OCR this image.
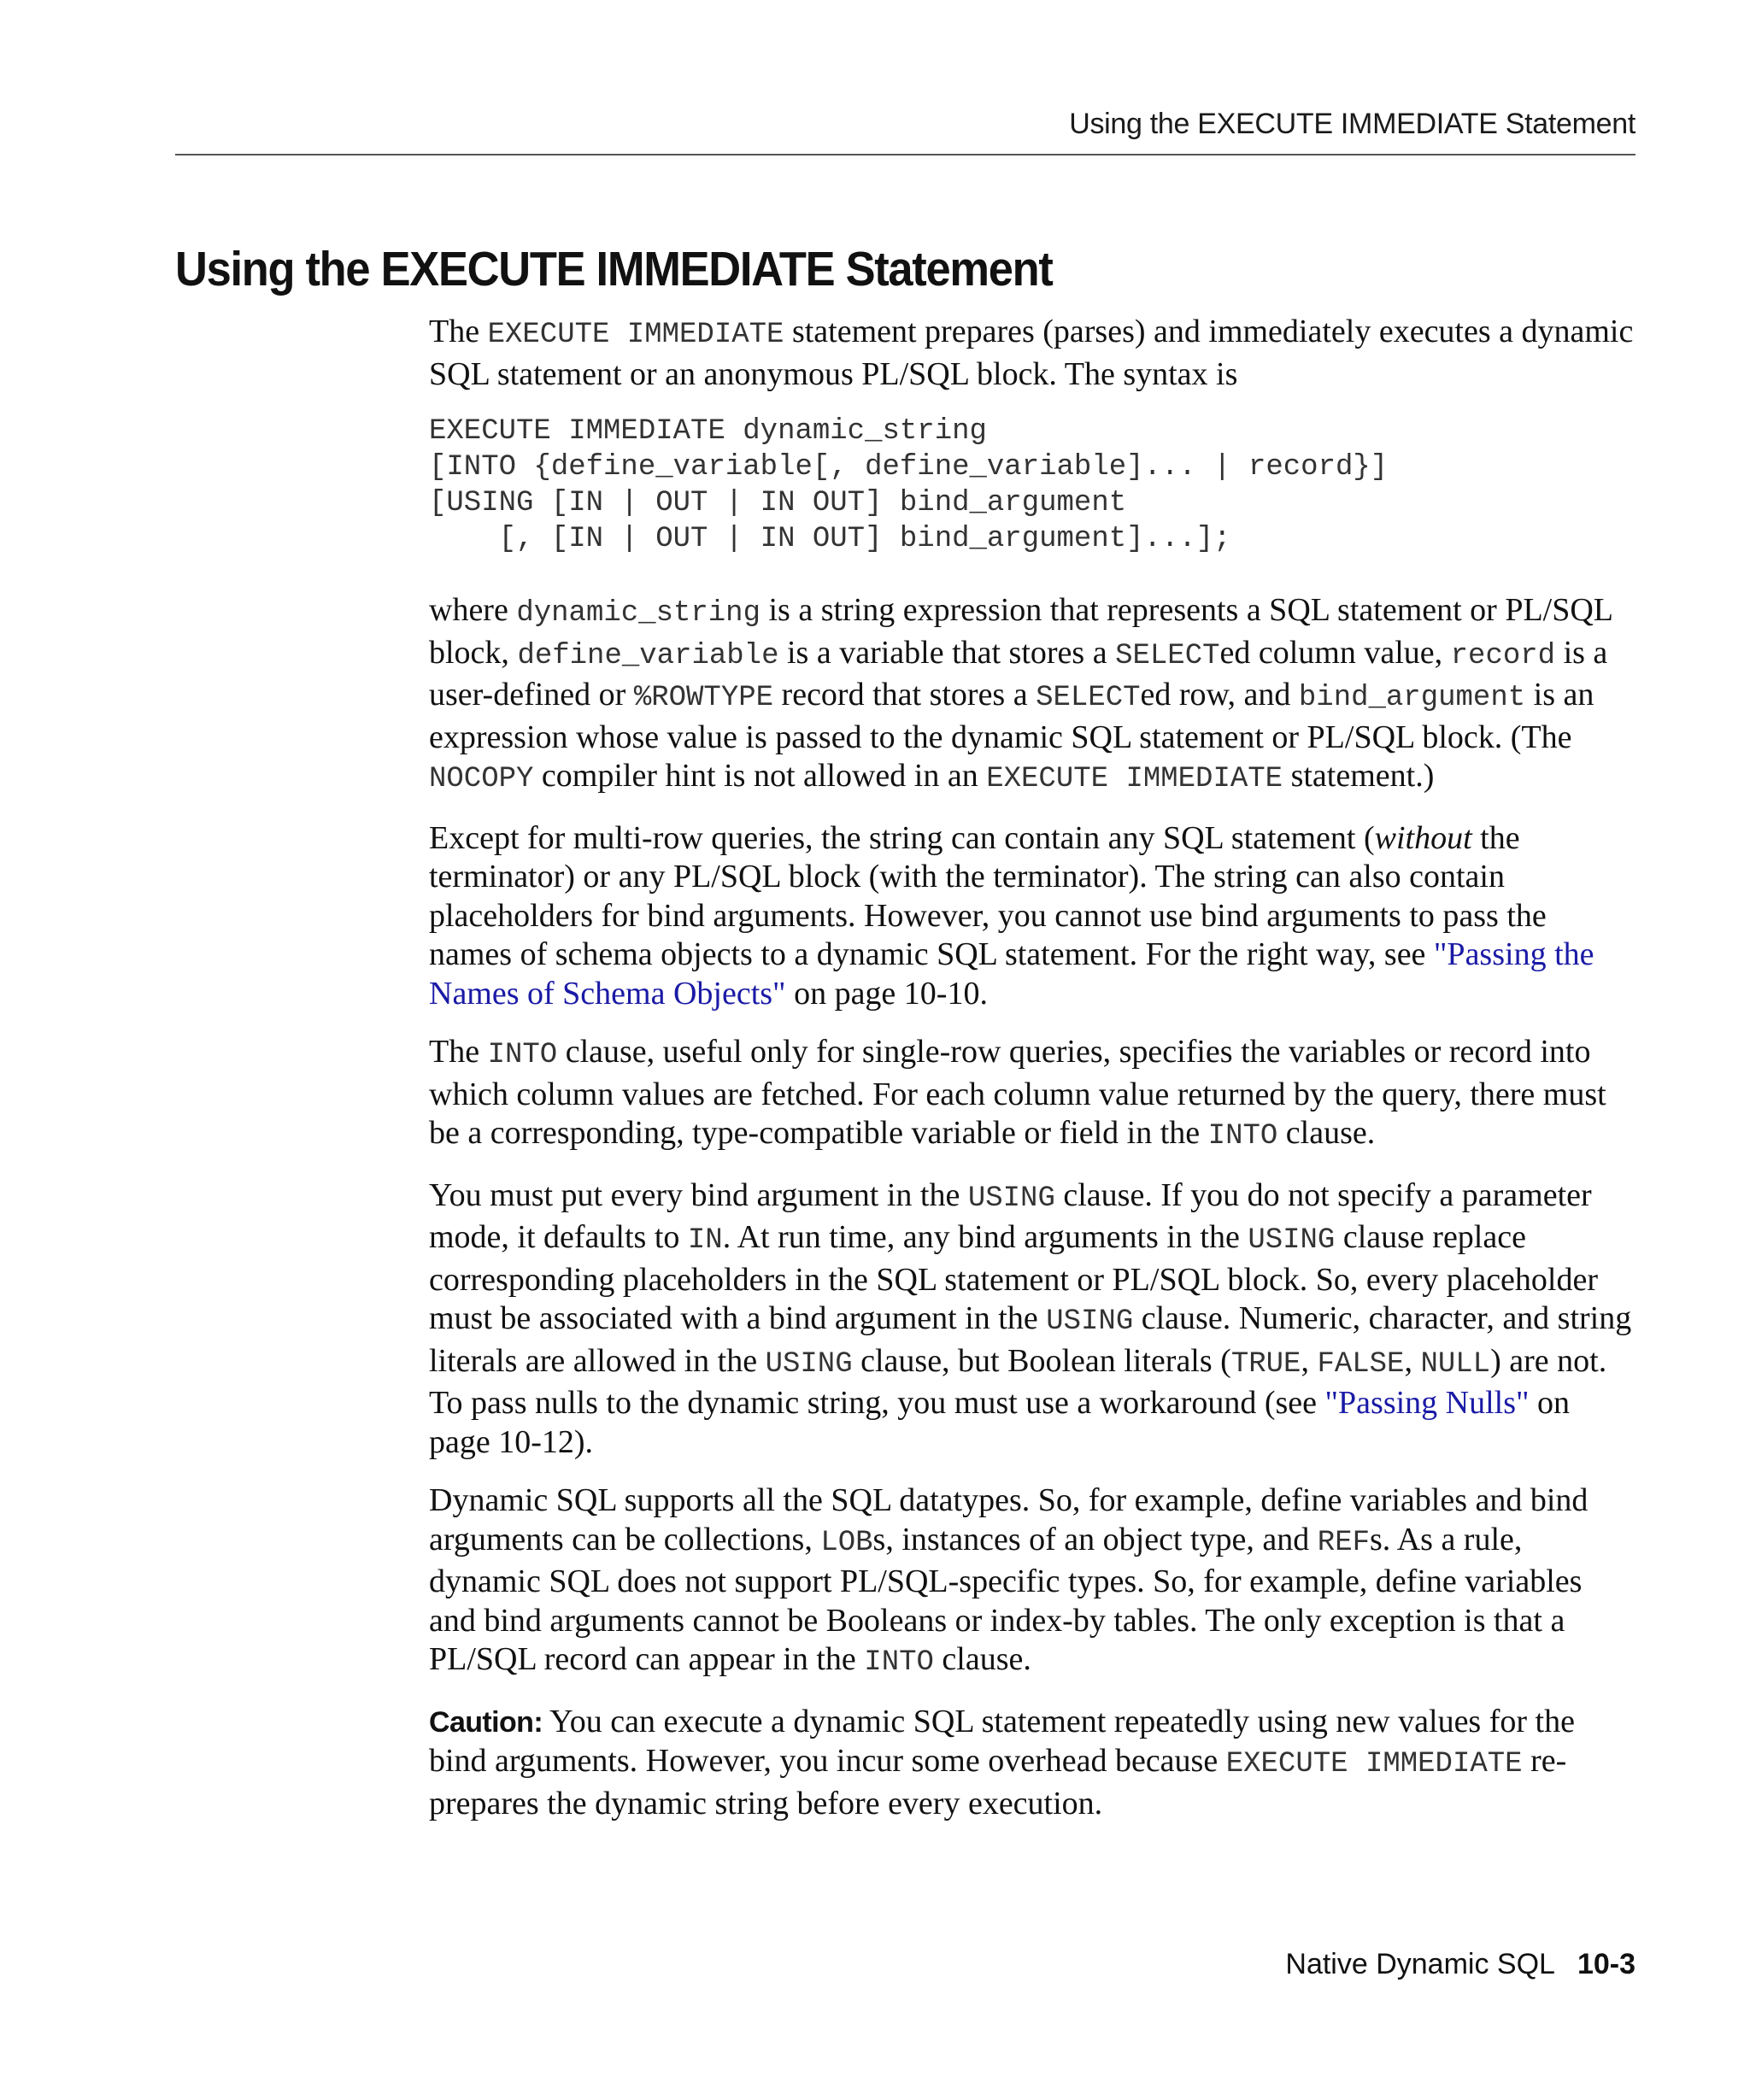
Using the EXECUTE IMMEDIATE Statement
Using the EXECUTE IMMEDIATE Statement

The EXECUTE IMMEDIATE statement prepares (parses) and immediately executes a dynamic SQL statement or an anonymous PL/SQL block. The syntax is

EXECUTE IMMEDIATE dynamic_string
[INTO {define_variable[, define_variable]... | record}]
[USING [IN | OUT | IN OUT] bind_argument
[, [IN | OUT | IN OUT] bind_argument]...];

where dynamic_string is a string expression that represents a SQL statement or PL/SQL block, define_variable is a variable that stores a SELECTed column value, record is a user-defined or %ROWTYPE record that stores a SELECTed row, and bind_argument is an expression whose value is passed to the dynamic SQL statement or PL/SQL block. (The NOCOPY compiler hint is not allowed in an EXECUTE IMMEDIATE statement.)

Except for multi-row queries, the string can contain any SQL statement (without the terminator) or any PL/SQL block (with the terminator). The string can also contain placeholders for bind arguments. However, you cannot use bind arguments to pass the names of schema objects to a dynamic SQL statement. For the right way, see "Passing the Names of Schema Objects" on page 10-10.

The INTO clause, useful only for single-row queries, specifies the variables or record into which column values are fetched. For each column value returned by the query, there must be a corresponding, type-compatible variable or field in the INTO clause.

You must put every bind argument in the USING clause. If you do not specify a parameter mode, it defaults to IN. At run time, any bind arguments in the USING clause replace corresponding placeholders in the SQL statement or PL/SQL block. So, every placeholder must be associated with a bind argument in the USING clause. Numeric, character, and string literals are allowed in the USING clause, but Boolean literals (TRUE, FALSE, NULL) are not. To pass nulls to the dynamic string, you must use a workaround (see "Passing Nulls" on page 10-12).

Dynamic SQL supports all the SQL datatypes. So, for example, define variables and bind arguments can be collections, LOBs, instances of an object type, and REFs. As a rule, dynamic SQL does not support PL/SQL-specific types. So, for example, define variables and bind arguments cannot be Booleans or index-by tables. The only exception is that a PL/SQL record can appear in the INTO clause.

Caution: You can execute a dynamic SQL statement repeatedly using new values for the bind arguments. However, you incur some overhead because EXECUTE IMMEDIATE re-prepares the dynamic string before every execution.

Native Dynamic SQL 10-3
